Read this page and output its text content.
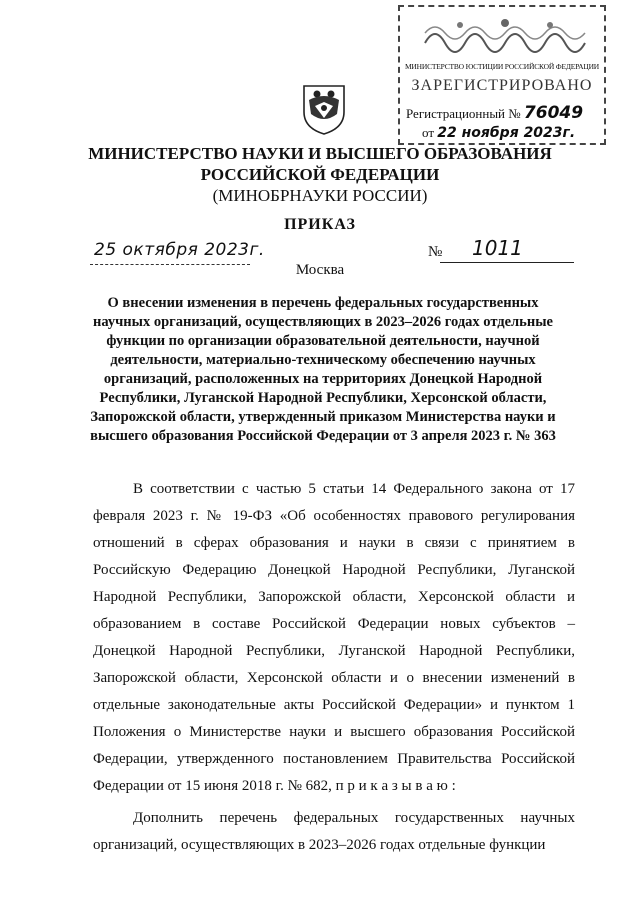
МИНИСТЕРСТВО ЮСТИЦИИ РОССИЙСКОЙ ФЕДЕРАЦИИ
ЗАРЕГИСТРИРОВАНО
Регистрационный № 76049
от 22 ноября 2023г.
МИНИСТЕРСТВО НАУКИ И ВЫСШЕГО ОБРАЗОВАНИЯ
РОССИЙСКОЙ ФЕДЕРАЦИИ
(МИНОБРНАУКИ РОССИИ)
ПРИКАЗ
25 октября 2023г.	№ 1011
Москва
О внесении изменения в перечень федеральных государственных научных организаций, осуществляющих в 2023–2026 годах отдельные функции по организации образовательной деятельности, научной деятельности, материально-техническому обеспечению научных организаций, расположенных на территориях Донецкой Народной Республики, Луганской Народной Республики, Херсонской области, Запорожской области, утвержденный приказом Министерства науки и высшего образования Российской Федерации от 3 апреля 2023 г. № 363

В соответствии с частью 5 статьи 14 Федерального закона от 17 февраля 2023 г. № 19-ФЗ «Об особенностях правового регулирования отношений в сферах образования и науки в связи с принятием в Российскую Федерацию Донецкой Народной Республики, Луганской Народной Республики, Запорожской области, Херсонской области и образованием в составе Российской Федерации новых субъектов – Донецкой Народной Республики, Луганской Народной Республики, Запорожской области, Херсонской области и о внесении изменений в отдельные законодательные акты Российской Федерации» и пунктом 1 Положения о Министерстве науки и высшего образования Российской Федерации, утвержденного постановлением Правительства Российской Федерации от 15 июня 2018 г. № 682, п р и к а з ы в а ю :

Дополнить перечень федеральных государственных научных организаций, осуществляющих в 2023–2026 годах отдельные функции
